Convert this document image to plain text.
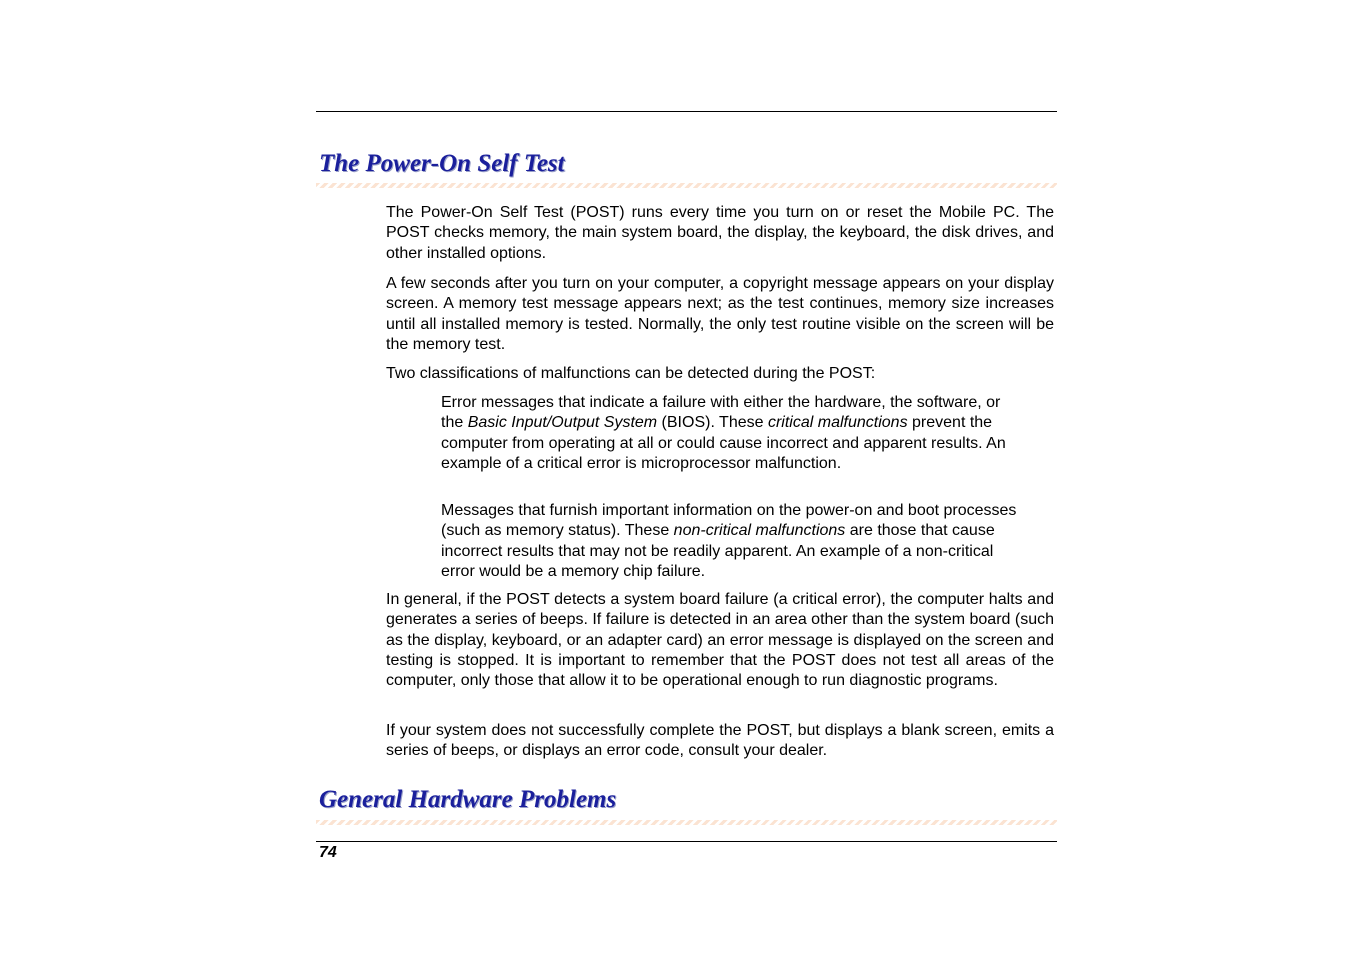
The Power-On Self Test

The Power-On Self Test (POST) runs every time you turn on or reset the Mobile PC. The POST checks memory, the main system board, the display, the keyboard, the disk drives, and other installed options.

A few seconds after you turn on your computer, a copyright message appears on your display screen. A memory test message appears next; as the test continues, memory size increases until all installed memory is tested. Normally, the only test routine visible on the screen will be the memory test.

Two classifications of malfunctions can be detected during the POST:

Error messages that indicate a failure with either the hardware, the software, or the Basic Input/Output System (BIOS). These critical malfunctions prevent the computer from operating at all or could cause incorrect and apparent results. An example of a critical error is microprocessor malfunction.

Messages that furnish important information on the power-on and boot processes (such as memory status). These non-critical malfunctions are those that cause incorrect results that may not be readily apparent. An example of a non-critical error would be a memory chip failure.

In general, if the POST detects a system board failure (a critical error), the computer halts and generates a series of beeps. If failure is detected in an area other than the system board (such as the display, keyboard, or an adapter card) an error message is displayed on the screen and testing is stopped. It is important to remember that the POST does not test all areas of the computer, only those that allow it to be operational enough to run diagnostic programs.

If your system does not successfully complete the POST, but displays a blank screen, emits a series of beeps, or displays an error code, consult your dealer.

General Hardware Problems
74
